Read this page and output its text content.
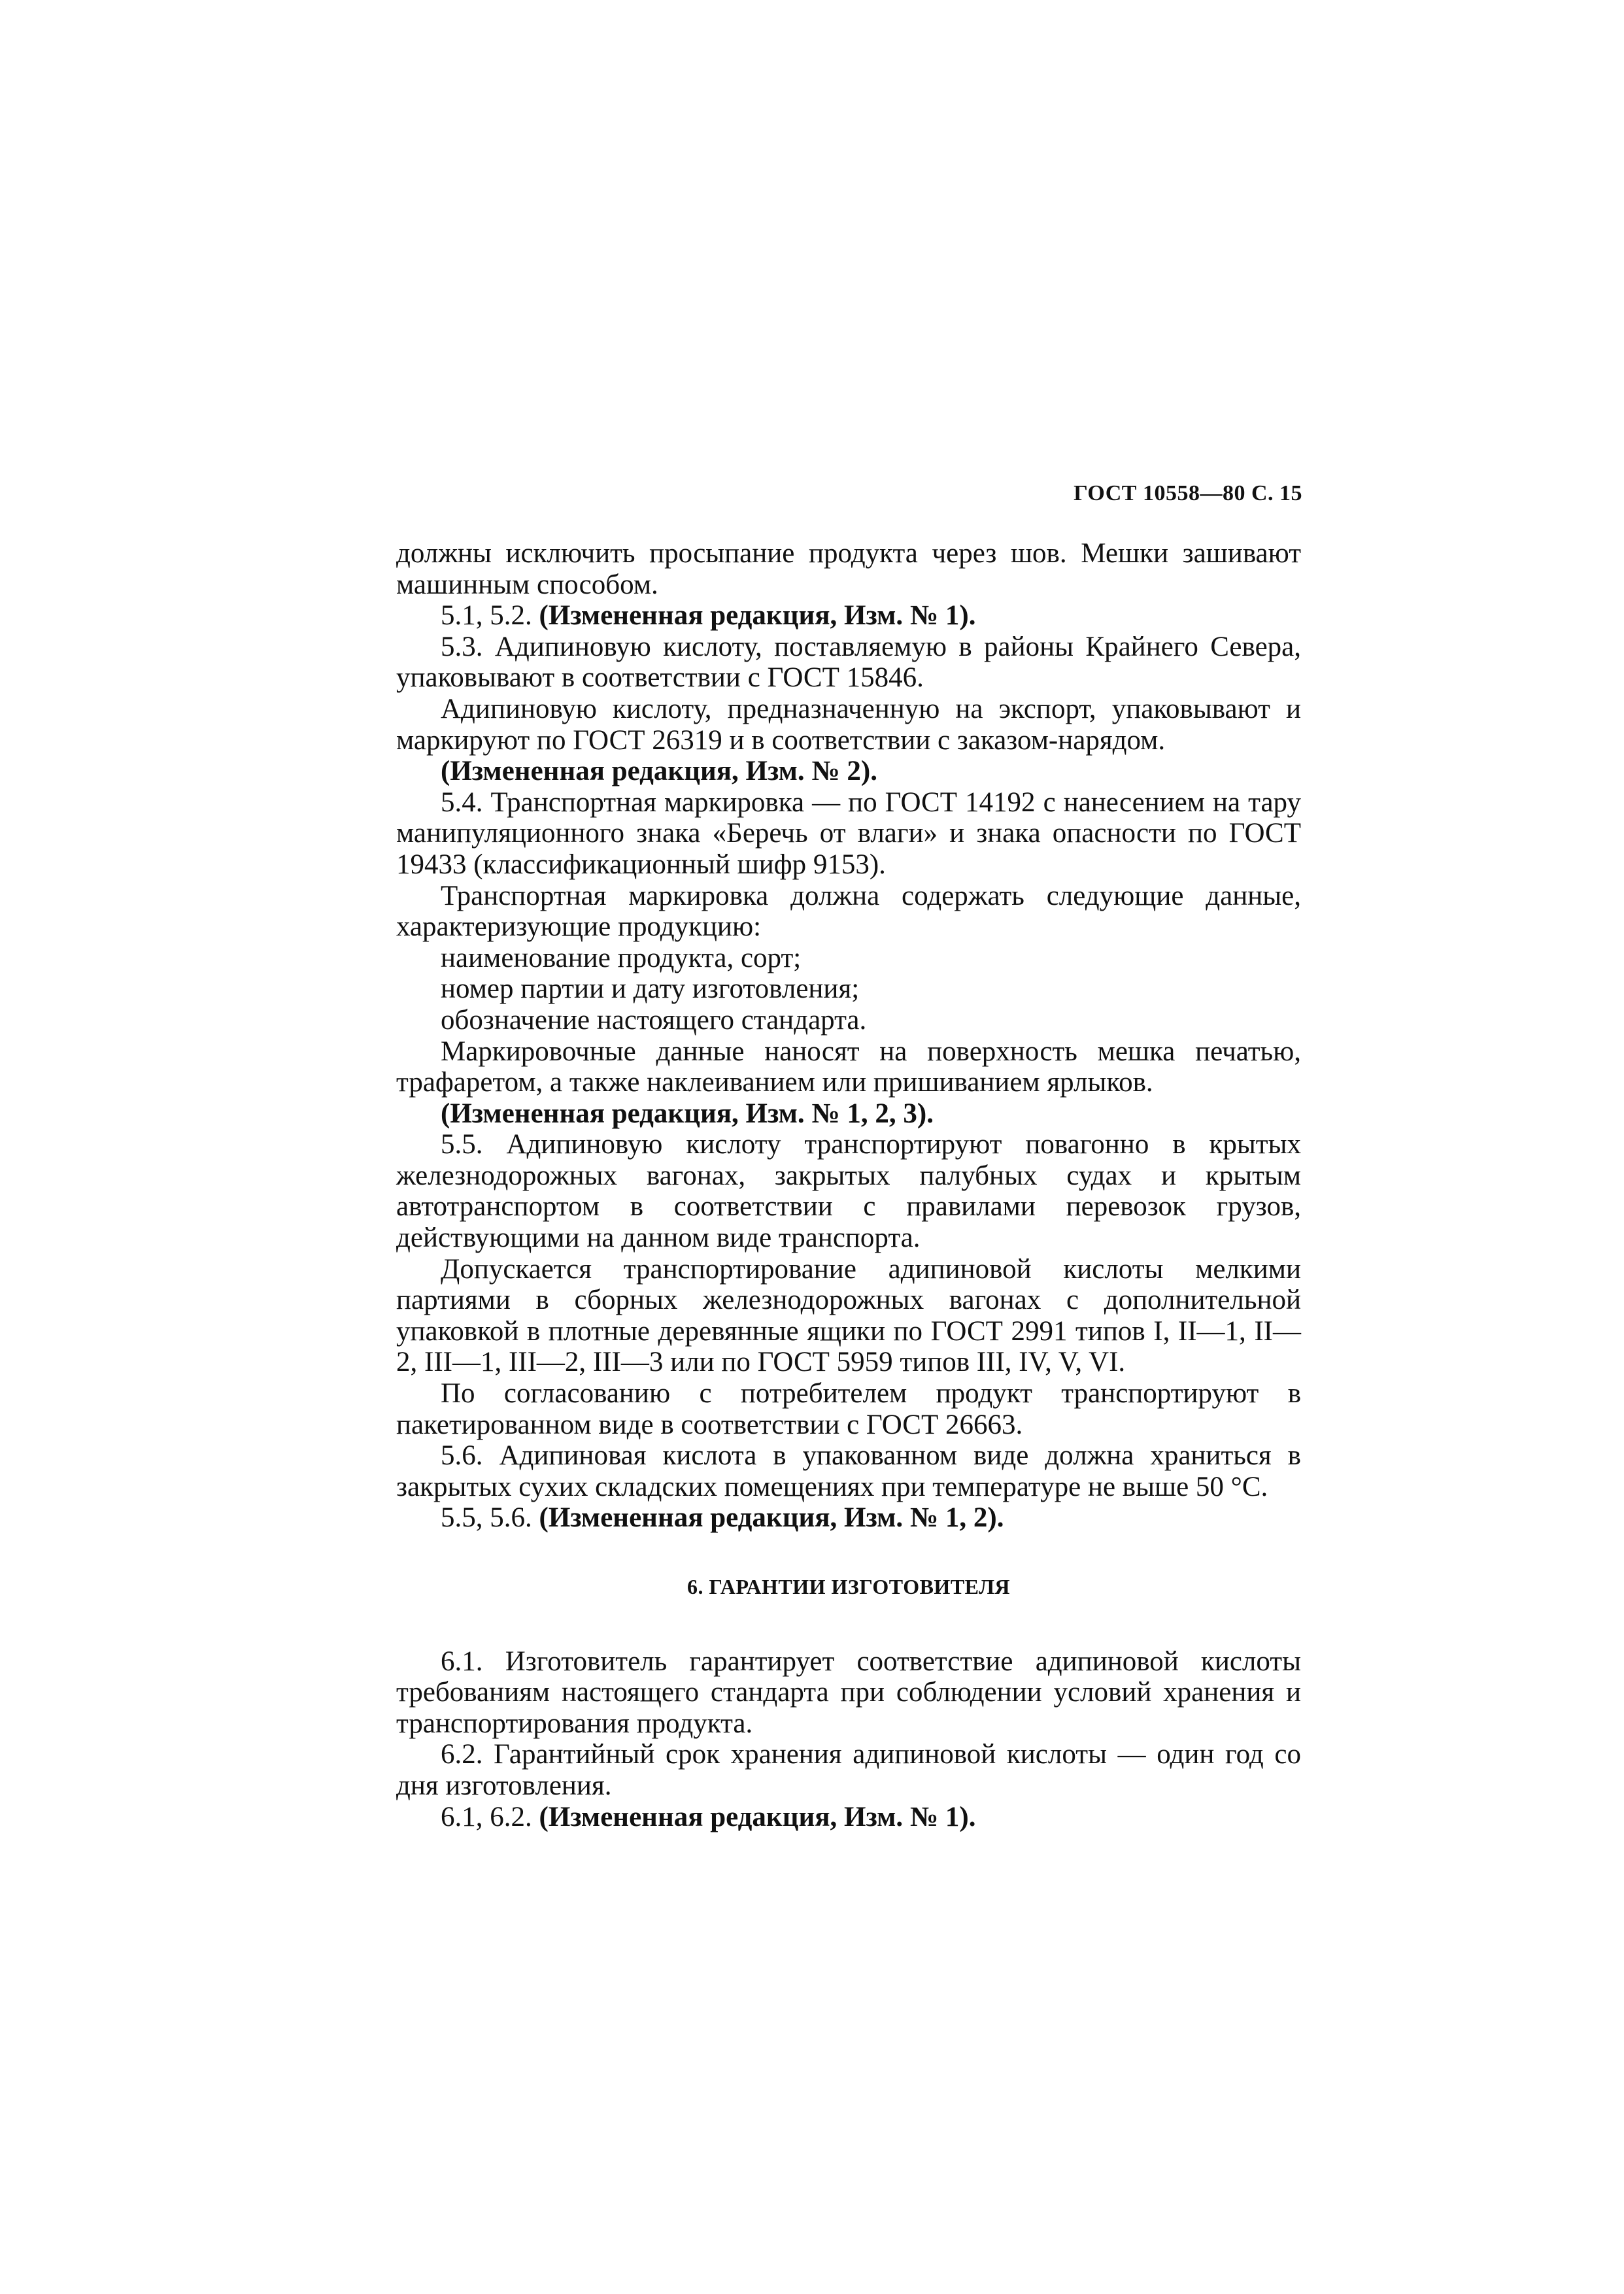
ГОСТ 10558—80 С. 15

должны исключить просыпание продукта через шов. Мешки зашивают машинным способом.

5.1, 5.2. (Измененная редакция, Изм. № 1).

5.3. Адипиновую кислоту, поставляемую в районы Крайнего Севера, упаковывают в соответствии с ГОСТ 15846.

Адипиновую кислоту, предназначенную на экспорт, упаковывают и маркируют по ГОСТ 26319 и в соответствии с заказом-нарядом.

(Измененная редакция, Изм. № 2).

5.4. Транспортная маркировка — по ГОСТ 14192 с нанесением на тару манипуляционного знака «Беречь от влаги» и знака опасности по ГОСТ 19433 (классификационный шифр 9153).

Транспортная маркировка должна содержать следующие данные, характеризующие продукцию:

наименование продукта, сорт;

номер партии и дату изготовления;

обозначение настоящего стандарта.

Маркировочные данные наносят на поверхность мешка печатью, трафаретом, а также наклеиванием или пришиванием ярлыков.

(Измененная редакция, Изм. № 1, 2, 3).

5.5. Адипиновую кислоту транспортируют повагонно в крытых железнодорожных вагонах, закрытых палубных судах и крытым автотранспортом в соответствии с правилами перевозок грузов, действующими на данном виде транспорта.

Допускается транспортирование адипиновой кислоты мелкими партиями в сборных железнодорожных вагонах с дополнительной упаковкой в плотные деревянные ящики по ГОСТ 2991 типов I, II—1, II—2, III—1, III—2, III—3 или по ГОСТ 5959 типов III, IV, V, VI.

По согласованию с потребителем продукт транспортируют в пакетированном виде в соответствии с ГОСТ 26663.

5.6. Адипиновая кислота в упакованном виде должна храниться в закрытых сухих складских помещениях при температуре не выше 50 °С.

5.5, 5.6. (Измененная редакция, Изм. № 1, 2).

6. ГАРАНТИИ ИЗГОТОВИТЕЛЯ

6.1. Изготовитель гарантирует соответствие адипиновой кислоты требованиям настоящего стандарта при соблюдении условий хранения и транспортирования продукта.

6.2. Гарантийный срок хранения адипиновой кислоты — один год со дня изготовления.

6.1, 6.2. (Измененная редакция, Изм. № 1).
